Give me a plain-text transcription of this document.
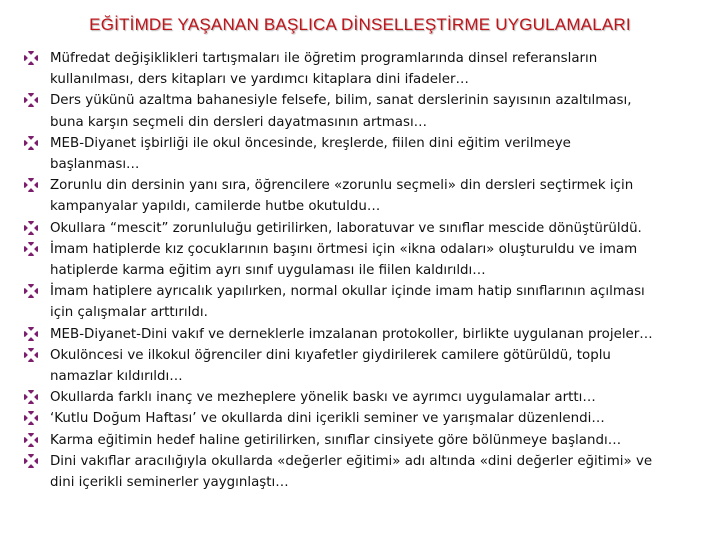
EĞİTİMDE YAŞANAN BAŞLICA DİNSELLEŞTİRME UYGULAMALARI
Müfredat değişiklikleri tartışmaları ile öğretim programlarında dinsel referansların
kullanılması, ders kitapları ve yardımcı kitaplara dini ifadeler…
Ders yükünü azaltma bahanesiyle felsefe, bilim, sanat derslerinin sayısının azaltılması,
buna karşın seçmeli din dersleri dayatmasının artması…
MEB-Diyanet işbirliği ile okul öncesinde, kreşlerde, fiilen dini eğitim verilmeye
başlanması…
Zorunlu din dersinin yanı sıra, öğrencilere «zorunlu seçmeli» din dersleri seçtirmek için
kampanyalar yapıldı, camilerde hutbe okutuldu…
Okullara “mescit” zorunluluğu getirilirken, laboratuvar ve sınıflar mescide dönüştürüldü.
İmam hatiplerde kız çocuklarının başını örtmesi için «ikna odaları» oluşturuldu ve imam
hatiplerde karma eğitim ayrı sınıf uygulaması ile fiilen kaldırıldı…
İmam hatiplere ayrıcalık yapılırken, normal okullar içinde imam hatip sınıflarının açılması
için çalışmalar arttırıldı.
MEB-Diyanet-Dini vakıf ve derneklerle imzalanan protokoller, birlikte uygulanan projeler…
Okulöncesi ve ilkokul öğrenciler dini kıyafetler giydirilerek camilere götürüldü, toplu
namazlar kıldırıldı…
Okullarda farklı inanç ve mezheplere yönelik baskı ve ayrımcı uygulamalar arttı…
‘Kutlu Doğum Haftası’ ve okullarda dini içerikli seminer ve yarışmalar düzenlendi…
Karma eğitimin hedef haline getirilirken, sınıflar cinsiyete göre bölünmeye başlandı…
Dini vakıflar aracılığıyla okullarda «değerler eğitimi» adı altında «dini değerler eğitimi» ve
dini içerikli seminerler yaygınlaştı…
